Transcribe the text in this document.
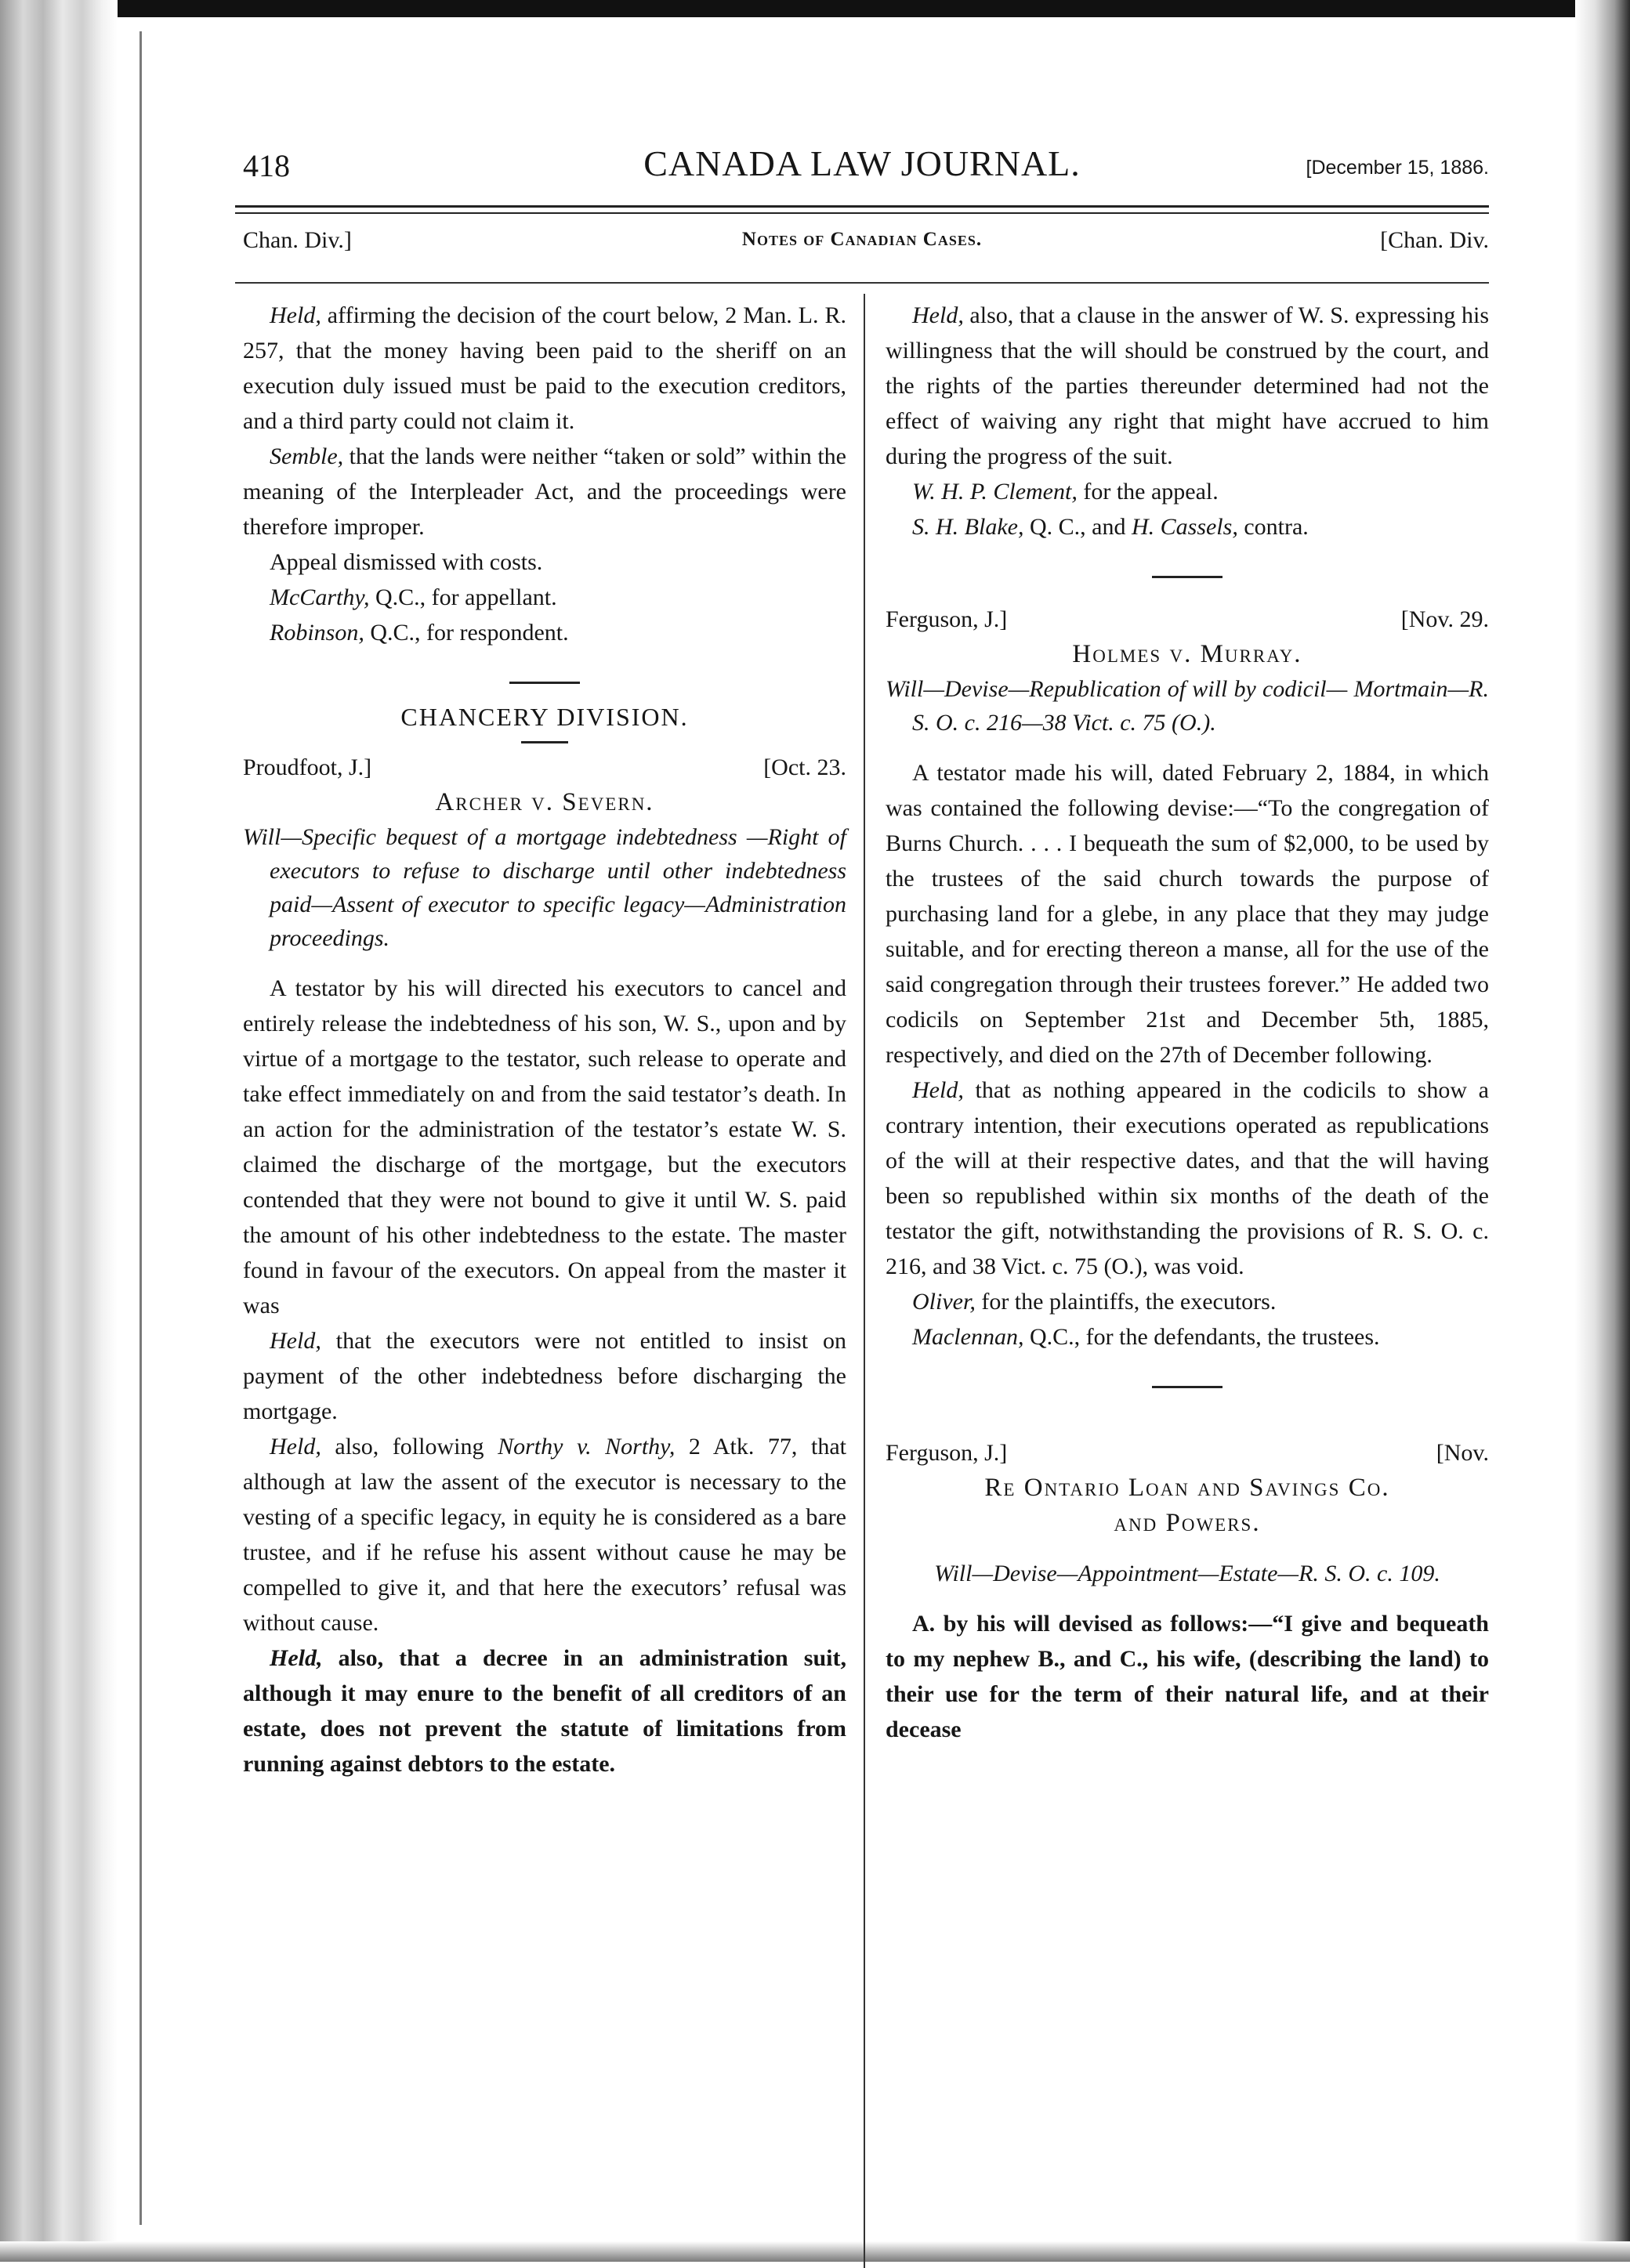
418	CANADA LAW JOURNAL.	[December 15, 1886.
Chan. Div.]	Notes of Canadian Cases.	[Chan. Div.

Held, affirming the decision of the court below, 2 Man. L. R. 257, that the money having been paid to the sheriff on an execution duly issued must be paid to the execution creditors, and a third party could not claim it.

Semble, that the lands were neither “taken or sold” within the meaning of the Interpleader Act, and the proceedings were therefore improper.

Appeal dismissed with costs.

McCarthy, Q.C., for appellant.

Robinson, Q.C., for respondent.

CHANCERY DIVISION.
Proudfoot, J.]	[Oct. 23.
Archer v. Severn.
Will—Specific bequest of a mortgage indebtedness —Right of executors to refuse to discharge until other indebtedness paid—Assent of executor to specific legacy—Administration proceedings.

A testator by his will directed his executors to cancel and entirely release the indebtedness of his son, W. S., upon and by virtue of a mortgage to the testator, such release to operate and take effect immediately on and from the said testator’s death. In an action for the administration of the testator’s estate W. S. claimed the discharge of the mortgage, but the executors contended that they were not bound to give it until W. S. paid the amount of his other indebtedness to the estate. The master found in favour of the executors. On appeal from the master it was

Held, that the executors were not entitled to insist on payment of the other indebtedness before discharging the mortgage.

Held, also, following Northy v. Northy, 2 Atk. 77, that although at law the assent of the executor is necessary to the vesting of a specific legacy, in equity he is considered as a bare trustee, and if he refuse his assent without cause he may be compelled to give it, and that here the executors’ refusal was without cause.

Held, also, that a decree in an administration suit, although it may enure to the benefit of all creditors of an estate, does not prevent the statute of limitations from running against debtors to the estate.

Held, also, that a clause in the answer of W. S. expressing his willingness that the will should be construed by the court, and the rights of the parties thereunder determined had not the effect of waiving any right that might have accrued to him during the progress of the suit.

W. H. P. Clement, for the appeal.

S. H. Blake, Q. C., and H. Cassels, contra.

Ferguson, J.]	[Nov. 29.
Holmes v. Murray.
Will—Devise—Republication of will by codicil— Mortmain—R. S. O. c. 216—38 Vict. c. 75 (O.).

A testator made his will, dated February 2, 1884, in which was contained the following devise:—“To the congregation of Burns Church. . . . I bequeath the sum of $2,000, to be used by the trustees of the said church towards the purpose of purchasing land for a glebe, in any place that they may judge suitable, and for erecting thereon a manse, all for the use of the said congregation through their trustees forever.” He added two codicils on September 21st and December 5th, 1885, respectively, and died on the 27th of December following.

Held, that as nothing appeared in the codicils to show a contrary intention, their executions operated as republications of the will at their respective dates, and that the will having been so republished within six months of the death of the testator the gift, notwithstanding the provisions of R. S. O. c. 216, and 38 Vict. c. 75 (O.), was void.

Oliver, for the plaintiffs, the executors.

Maclennan, Q.C., for the defendants, the trustees.

Ferguson, J.]	[Nov.
Re Ontario Loan and Savings Co.
and Powers.
Will—Devise—Appointment—Estate—R. S. O. c. 109.

A. by his will devised as follows:—“I give and bequeath to my nephew B., and C., his wife, (describing the land) to their use for the term of their natural life, and at their decease
